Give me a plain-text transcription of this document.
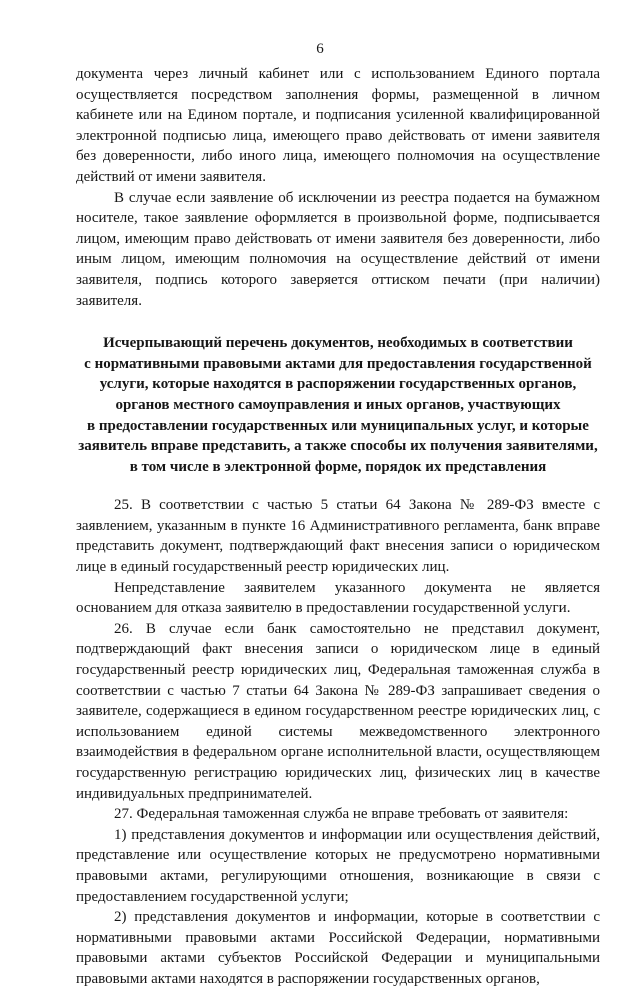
6

документа через личный кабинет или с использованием Единого портала осуществляется посредством заполнения формы, размещенной в личном кабинете или на Едином портале, и подписания усиленной квалифицированной электронной подписью лица, имеющего право действовать от имени заявителя без доверенности, либо иного лица, имеющего полномочия на осуществление действий от имени заявителя.

В случае если заявление об исключении из реестра подается на бумажном носителе, такое заявление оформляется в произвольной форме, подписывается лицом, имеющим право действовать от имени заявителя без доверенности, либо иным лицом, имеющим полномочия на осуществление действий от имени заявителя, подпись которого заверяется оттиском печати (при наличии) заявителя.

Исчерпывающий перечень документов, необходимых в соответствии
с нормативными правовыми актами для предоставления государственной
услуги, которые находятся в распоряжении государственных органов,
органов местного самоуправления и иных органов, участвующих
в предоставлении государственных или муниципальных услуг, и которые
заявитель вправе представить, а также способы их получения заявителями,
в том числе в электронной форме, порядок их представления

25. В соответствии с частью 5 статьи 64 Закона № 289-ФЗ вместе с заявлением, указанным в пункте 16 Административного регламента, банк вправе представить документ, подтверждающий факт внесения записи о юридическом лице в единый государственный реестр юридических лиц.

Непредставление заявителем указанного документа не является основанием для отказа заявителю в предоставлении государственной услуги.

26. В случае если банк самостоятельно не представил документ, подтверждающий факт внесения записи о юридическом лице в единый государственный реестр юридических лиц, Федеральная таможенная служба в соответствии с частью 7 статьи 64 Закона № 289-ФЗ запрашивает сведения о заявителе, содержащиеся в едином государственном реестре юридических лиц, с использованием единой системы межведомственного электронного взаимодействия в федеральном органе исполнительной власти, осуществляющем государственную регистрацию юридических лиц, физических лиц в качестве индивидуальных предпринимателей.

27. Федеральная таможенная служба не вправе требовать от заявителя:

1) представления документов и информации или осуществления действий, представление или осуществление которых не предусмотрено нормативными правовыми актами, регулирующими отношения, возникающие в связи с предоставлением государственной услуги;

2) представления документов и информации, которые в соответствии с нормативными правовыми актами Российской Федерации, нормативными правовыми актами субъектов Российской Федерации и муниципальными правовыми актами находятся в распоряжении государственных органов,
